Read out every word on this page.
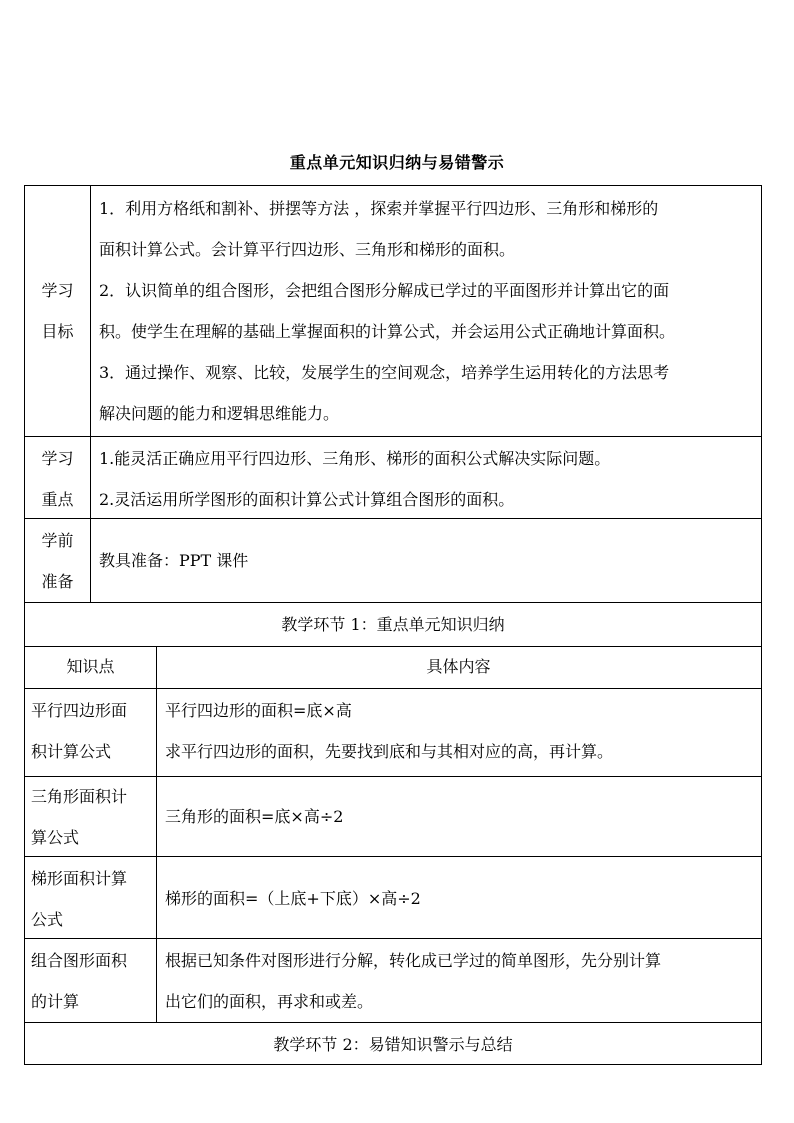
重点单元知识归纳与易错警示
学习
目标
1．利用方格纸和割补、拼摆等方法 ，探索并掌握平行四边形、三角形和梯形的
面积计算公式。会计算平行四边形、三角形和梯形的面积。
2．认识简单的组合图形，会把组合图形分解成已学过的平面图形并计算出它的面
积。使学生在理解的基础上掌握面积的计算公式，并会运用公式正确地计算面积。
3．通过操作、观察、比较，发展学生的空间观念，培养学生运用转化的方法思考
解决问题的能力和逻辑思维能力。
学习
重点
1.能灵活正确应用平行四边形、三角形、梯形的面积公式解决实际问题。
2.灵活运用所学图形的面积计算公式计算组合图形的面积。
学前
准备
教具准备：PPT 课件
教学环节 1：重点单元知识归纳
知识点	具体内容
平行四边形面
积计算公式
平行四边形的面积=底×高
求平行四边形的面积，先要找到底和与其相对应的高，再计算。
三角形面积计
算公式
三角形的面积=底×高÷2
梯形面积计算
公式
梯形的面积=（上底+下底）×高÷2
组合图形面积
的计算
根据已知条件对图形进行分解，转化成已学过的简单图形，先分别计算
出它们的面积，再求和或差。
教学环节 2：易错知识警示与总结
